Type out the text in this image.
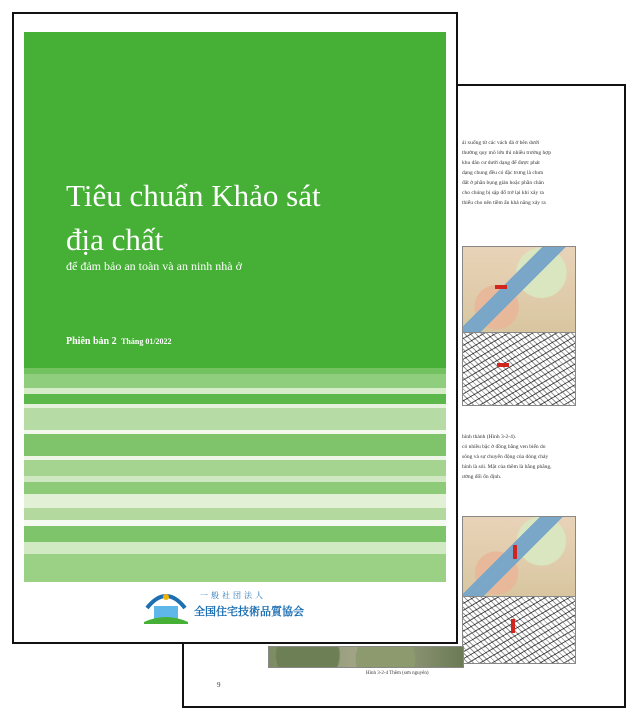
ái xuống từ các vách đá ở bên dưới
thường quy mô lớn thì nhiều trường hợp
khu dân cư dưới dạng để được phát
dạng chung đều có đặc trưng là chưa
đất ở phần bụng giàn hoặc phần chân
cho chúng bị sập đổ trở lại khi xây ra
thiểu cho nên tiềm ẩn khả năng xảy ra
hình thành (Hình 3-2-4).
có nhiều bậc ở đồng bằng ven biển do
sông và sự chuyển động của dòng chảy
hình là sỏi. Mặt của thềm là bằng phẳng,
ường đối ổn định.
9
Hình 3-2-4 Thềm (sơn nguyên)
Tiêu chuẩn Khảo sát địa chất
để đảm bảo an toàn và an ninh nhà ở
Phiên bản 2 Tháng 01/2022
一般社団法人
全国住宅技術品質協会
